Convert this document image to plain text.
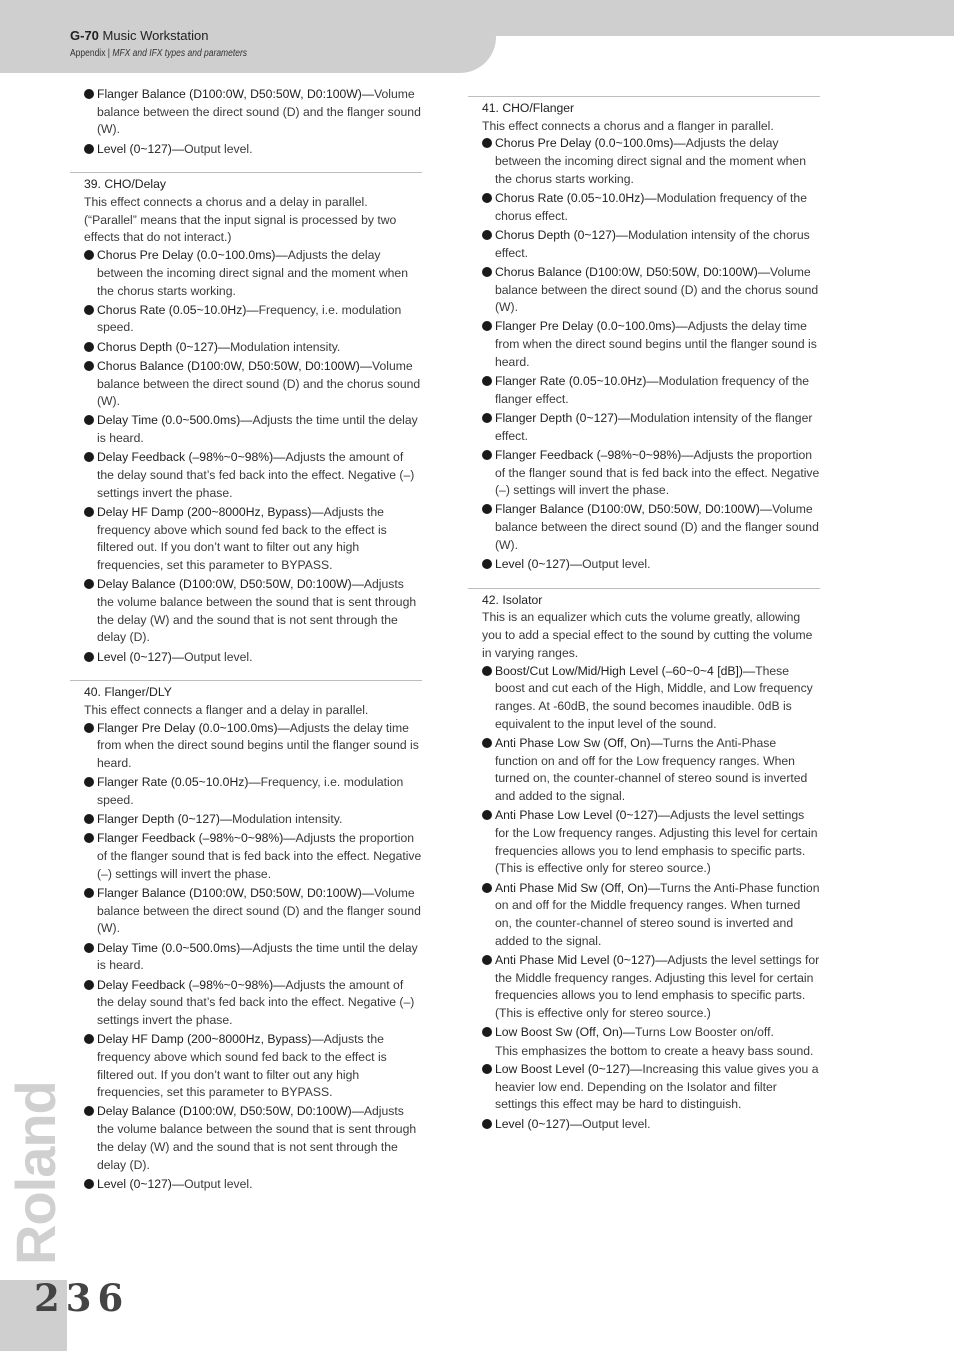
G-70 Music Workstation
Appendix | MFX and IFX types and parameters
Roland
236
Flanger Balance (D100:0W, D50:50W, D0:100W)—Volume balance between the direct sound (D) and the flanger sound (W).
Level (0~127)—Output level.
39. CHO/Delay

This effect connects a chorus and a delay in parallel. (“Parallel” means that the input signal is processed by two effects that do not interact.)

Chorus Pre Delay (0.0~100.0ms)—Adjusts the delay between the incoming direct signal and the moment when the chorus starts working.
Chorus Rate (0.05~10.0Hz)—Frequency, i.e. modulation speed.
Chorus Depth (0~127)—Modulation intensity.
Chorus Balance (D100:0W, D50:50W, D0:100W)—Volume balance between the direct sound (D) and the chorus sound (W).
Delay Time (0.0~500.0ms)—Adjusts the time until the delay is heard.
Delay Feedback (–98%~0~98%)—Adjusts the amount of the delay sound that’s fed back into the effect. Negative (–) settings invert the phase.
Delay HF Damp (200~8000Hz, Bypass)—Adjusts the frequency above which sound fed back to the effect is filtered out. If you don’t want to filter out any high frequencies, set this parameter to BYPASS.
Delay Balance (D100:0W, D50:50W, D0:100W)—Adjusts the volume balance between the sound that is sent through the delay (W) and the sound that is not sent through the delay (D).
Level (0~127)—Output level.
40. Flanger/DLY

This effect connects a flanger and a delay in parallel.

Flanger Pre Delay (0.0~100.0ms)—Adjusts the delay time from when the direct sound begins until the flanger sound is heard.
Flanger Rate (0.05~10.0Hz)—Frequency, i.e. modulation speed.
Flanger Depth (0~127)—Modulation intensity.
Flanger Feedback (–98%~0~98%)—Adjusts the proportion of the flanger sound that is fed back into the effect. Negative (–) settings will invert the phase.
Flanger Balance (D100:0W, D50:50W, D0:100W)—Volume balance between the direct sound (D) and the flanger sound (W).
Delay Time (0.0~500.0ms)—Adjusts the time until the delay is heard.
Delay Feedback (–98%~0~98%)—Adjusts the amount of the delay sound that’s fed back into the effect. Negative (–) settings invert the phase.
Delay HF Damp (200~8000Hz, Bypass)—Adjusts the frequency above which sound fed back to the effect is filtered out. If you don’t want to filter out any high frequencies, set this parameter to BYPASS.
Delay Balance (D100:0W, D50:50W, D0:100W)—Adjusts the volume balance between the sound that is sent through the delay (W) and the sound that is not sent through the delay (D).
Level (0~127)—Output level.
41. CHO/Flanger

This effect connects a chorus and a flanger in parallel.

Chorus Pre Delay (0.0~100.0ms)—Adjusts the delay between the incoming direct signal and the moment when the chorus starts working.
Chorus Rate (0.05~10.0Hz)—Modulation frequency of the chorus effect.
Chorus Depth (0~127)—Modulation intensity of the chorus effect.
Chorus Balance (D100:0W, D50:50W, D0:100W)—Volume balance between the direct sound (D) and the chorus sound (W).
Flanger Pre Delay (0.0~100.0ms)—Adjusts the delay time from when the direct sound begins until the flanger sound is heard.
Flanger Rate (0.05~10.0Hz)—Modulation frequency of the flanger effect.
Flanger Depth (0~127)—Modulation intensity of the flanger effect.
Flanger Feedback (–98%~0~98%)—Adjusts the proportion of the flanger sound that is fed back into the effect. Negative (–) settings will invert the phase.
Flanger Balance (D100:0W, D50:50W, D0:100W)—Volume balance between the direct sound (D) and the flanger sound (W).
Level (0~127)—Output level.
42. Isolator

This is an equalizer which cuts the volume greatly, allowing you to add a special effect to the sound by cutting the volume in varying ranges.

Boost/Cut Low/Mid/High Level (–60~0~4 [dB])—These boost and cut each of the High, Middle, and Low frequency ranges. At -60dB, the sound becomes inaudible. 0dB is equivalent to the input level of the sound.
Anti Phase Low Sw (Off, On)—Turns the Anti-Phase function on and off for the Low frequency ranges. When turned on, the counter-channel of stereo sound is inverted and added to the signal.
Anti Phase Low Level (0~127)—Adjusts the level settings for the Low frequency ranges. Adjusting this level for certain frequencies allows you to lend emphasis to specific parts. (This is effective only for stereo source.)
Anti Phase Mid Sw (Off, On)—Turns the Anti-Phase function on and off for the Middle frequency ranges. When turned on, the counter-channel of stereo sound is inverted and added to the signal.
Anti Phase Mid Level (0~127)—Adjusts the level settings for the Middle frequency ranges. Adjusting this level for certain frequencies allows you to lend emphasis to specific parts. (This is effective only for stereo source.)
Low Boost Sw (Off, On)—Turns Low Booster on/off.
This emphasizes the bottom to create a heavy bass sound.
Low Boost Level (0~127)—Increasing this value gives you a heavier low end. Depending on the Isolator and filter settings this effect may be hard to distinguish.
Level (0~127)—Output level.
